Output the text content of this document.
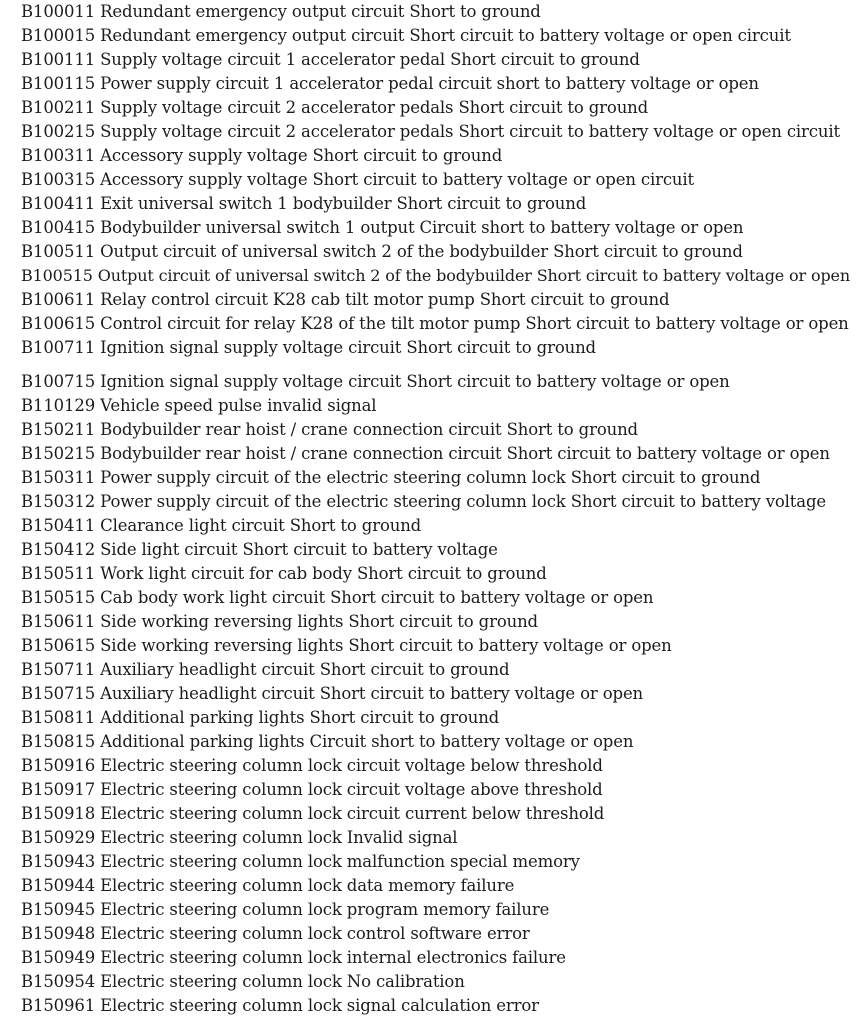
B100011 Redundant emergency output circuit Short to ground
B100015 Redundant emergency output circuit Short circuit to battery voltage or open circuit
B100111 Supply voltage circuit 1 accelerator pedal Short circuit to ground
B100115 Power supply circuit 1 accelerator pedal circuit short to battery voltage or open
B100211 Supply voltage circuit 2 accelerator pedals Short circuit to ground
B100215 Supply voltage circuit 2 accelerator pedals Short circuit to battery voltage or open circuit
B100311 Accessory supply voltage Short circuit to ground
B100315 Accessory supply voltage Short circuit to battery voltage or open circuit
B100411 Exit universal switch 1 bodybuilder Short circuit to ground
B100415 Bodybuilder universal switch 1 output Circuit short to battery voltage or open
B100511 Output circuit of universal switch 2 of the bodybuilder Short circuit to ground
B100515 Output circuit of universal switch 2 of the bodybuilder Short circuit to battery voltage or open
B100611 Relay control circuit K28 cab tilt motor pump Short circuit to ground
B100615 Control circuit for relay K28 of the tilt motor pump Short circuit to battery voltage or open
B100711 Ignition signal supply voltage circuit Short circuit to ground
B100715 Ignition signal supply voltage circuit Short circuit to battery voltage or open
B110129 Vehicle speed pulse invalid signal
B150211 Bodybuilder rear hoist / crane connection circuit Short to ground
B150215 Bodybuilder rear hoist / crane connection circuit Short circuit to battery voltage or open
B150311 Power supply circuit of the electric steering column lock Short circuit to ground
B150312 Power supply circuit of the electric steering column lock Short circuit to battery voltage
B150411 Clearance light circuit Short to ground
B150412 Side light circuit Short circuit to battery voltage
B150511 Work light circuit for cab body Short circuit to ground
B150515 Cab body work light circuit Short circuit to battery voltage or open
B150611 Side working reversing lights Short circuit to ground
B150615 Side working reversing lights Short circuit to battery voltage or open
B150711 Auxiliary headlight circuit Short circuit to ground
B150715 Auxiliary headlight circuit Short circuit to battery voltage or open
B150811 Additional parking lights Short circuit to ground
B150815 Additional parking lights Circuit short to battery voltage or open
B150916 Electric steering column lock circuit voltage below threshold
B150917 Electric steering column lock circuit voltage above threshold
B150918 Electric steering column lock circuit current below threshold
B150929 Electric steering column lock Invalid signal
B150943 Electric steering column lock malfunction special memory
B150944 Electric steering column lock data memory failure
B150945 Electric steering column lock program memory failure
B150948 Electric steering column lock control software error
B150949 Electric steering column lock internal electronics failure
B150954 Electric steering column lock No calibration
B150961 Electric steering column lock signal calculation error
